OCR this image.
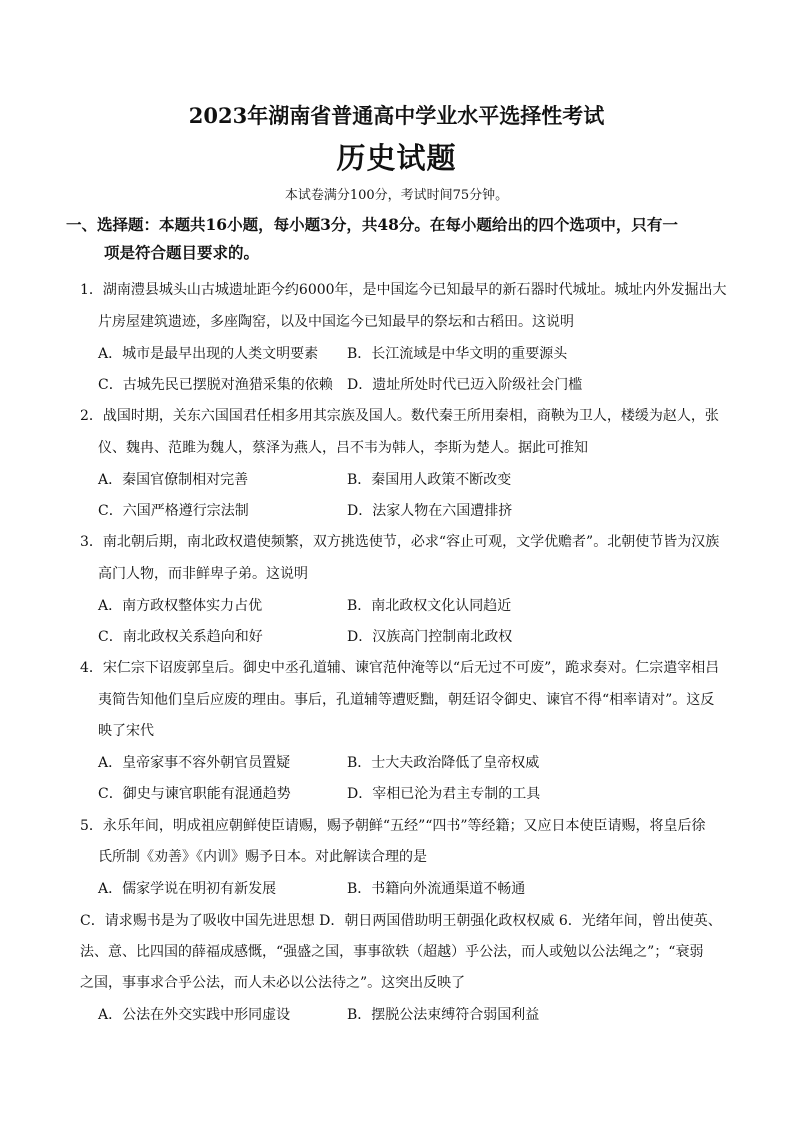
2023年湖南省普通高中学业水平选择性考试
历史试题
本试卷满分100分，考试时间75分钟。
一、选择题：本题共16小题，每小题3分，共48分。在每小题给出的四个选项中，只有一
项是符合题目要求的。
1．湖南澧县城头山古城遗址距今约6000年，是中国迄今已知最早的新石器时代城址。城址内外发掘出大
片房屋建筑遗迹，多座陶窑，以及中国迄今已知最早的祭坛和古稻田。这说明
A．城市是最早出现的人类文明要素 B．长江流域是中华文明的重要源头
C．古城先民已摆脱对渔猎采集的依赖 D．遗址所处时代已迈入阶级社会门槛
2．战国时期，关东六国国君任相多用其宗族及国人。数代秦王所用秦相，商鞅为卫人，楼缓为赵人，张
仪、魏冉、范雎为魏人，蔡泽为燕人，吕不韦为韩人，李斯为楚人。据此可推知
A．秦国官僚制相对完善	B．秦国用人政策不断改变
C．六国严格遵行宗法制	D．法家人物在六国遭排挤
3．南北朝后期，南北政权遣使频繁，双方挑选使节，必求“容止可观，文学优赡者”。北朝使节皆为汉族
高门人物，而非鲜卑子弟。这说明
A．南方政权整体实力占优	B．南北政权文化认同趋近
C．南北政权关系趋向和好	D．汉族高门控制南北政权
4．宋仁宗下诏废郭皇后。御史中丞孔道辅、谏官范仲淹等以“后无过不可废”，跪求奏对。仁宗遣宰相吕
夷简告知他们皇后应废的理由。事后，孔道辅等遭贬黜，朝廷诏令御史、谏官不得“相率请对”。这反
映了宋代
A．皇帝家事不容外朝官员置疑	B．士大夫政治降低了皇帝权威
C．御史与谏官职能有混通趋势	D．宰相已沦为君主专制的工具
5．永乐年间，明成祖应朝鲜使臣请赐，赐予朝鲜“五经”“四书”等经籍；又应日本使臣请赐，将皇后徐
氏所制《劝善》《内训》赐予日本。对此解读合理的是
A．儒家学说在明初有新发展	B．书籍向外流通渠道不畅通
C．请求赐书是为了吸收中国先进思想 D．朝日两国借助明王朝强化政权权威 6．光绪年间，曾出使英、
法、意、比四国的薛福成感慨，“强盛之国，事事欲轶（超越）乎公法，而人或勉以公法绳之”；“衰弱
之国，事事求合乎公法，而人未必以公法待之”。这突出反映了
A．公法在外交实践中形同虚设	B．摆脱公法束缚符合弱国利益
